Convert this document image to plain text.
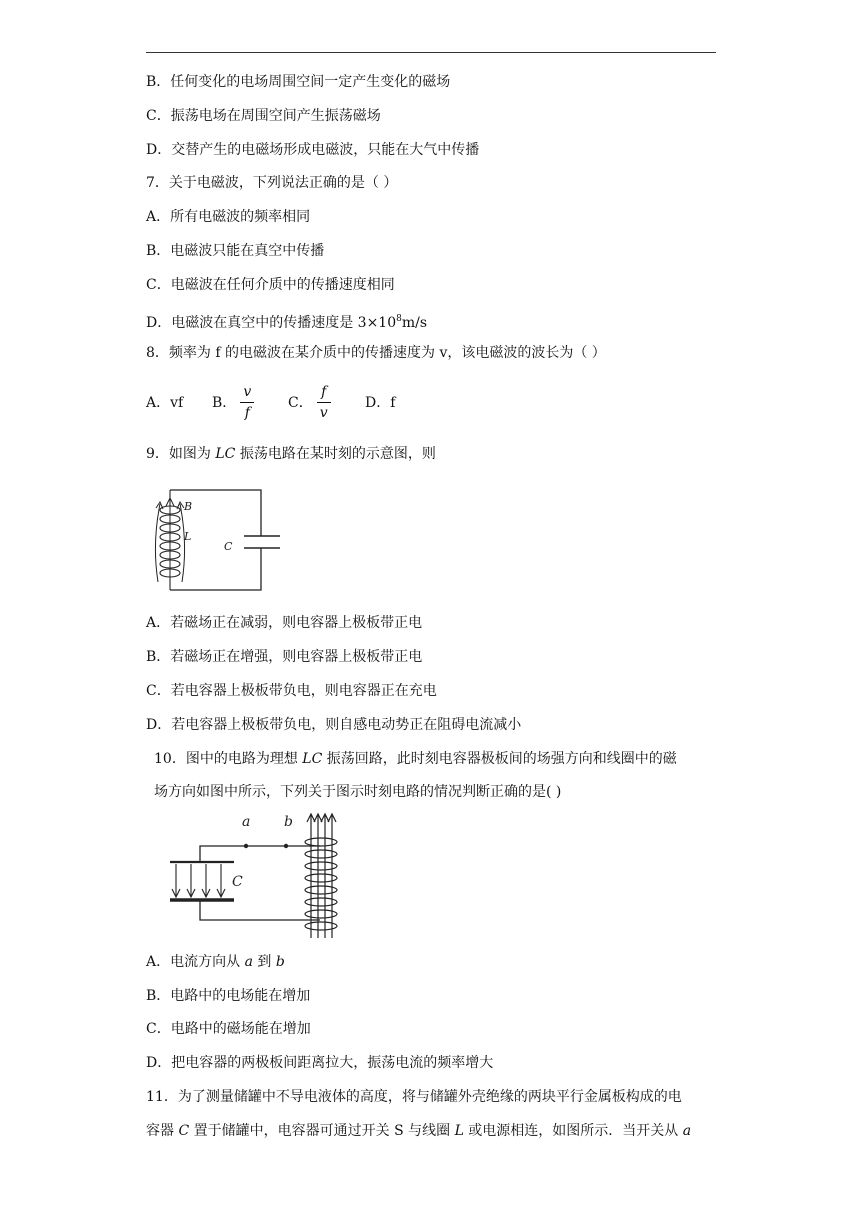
B．任何变化的电场周围空间一定产生变化的磁场
C．振荡电场在周围空间产生振荡磁场
D．交替产生的电磁场形成电磁波，只能在大气中传播
7．关于电磁波，下列说法正确的是（ ）
A．所有电磁波的频率相同
B．电磁波只能在真空中传播
C．电磁波在任何介质中的传播速度相同
D．电磁波在真空中的传播速度是 $3\times 10^8m/s$
8．频率为 f 的电磁波在某介质中的传播速度为 v，该电磁波的波长为（ ）
A．vf	B． $\frac{v}{f}$ C． $\frac{f}{v}$ D．f
9．如图为 LC 振荡电路在某时刻的示意图，则
B
L
C
A．若磁场正在减弱，则电容器上极板带正电
B．若磁场正在增强，则电容器上极板带正电
C．若电容器上极板带负电，则电容器正在充电
D．若电容器上极板带负电，则自感电动势正在阻碍电流减小
10．图中的电路为理想 LC 振荡回路，此时刻电容器极板间的场强方向和线圈中的磁
场方向如图中所示，下列关于图示时刻电路的情况判断正确的是( )
a b
C
A．电流方向从 a 到 b
B．电路中的电场能在增加
C．电路中的磁场能在增加
D．把电容器的两极板间距离拉大，振荡电流的频率增大
11．为了测量储罐中不导电液体的高度，将与储罐外壳绝缘的两块平行金属板构成的电
容器 C 置于储罐中，电容器可通过开关 S 与线圈 L 或电源相连，如图所示．当开关从 a
